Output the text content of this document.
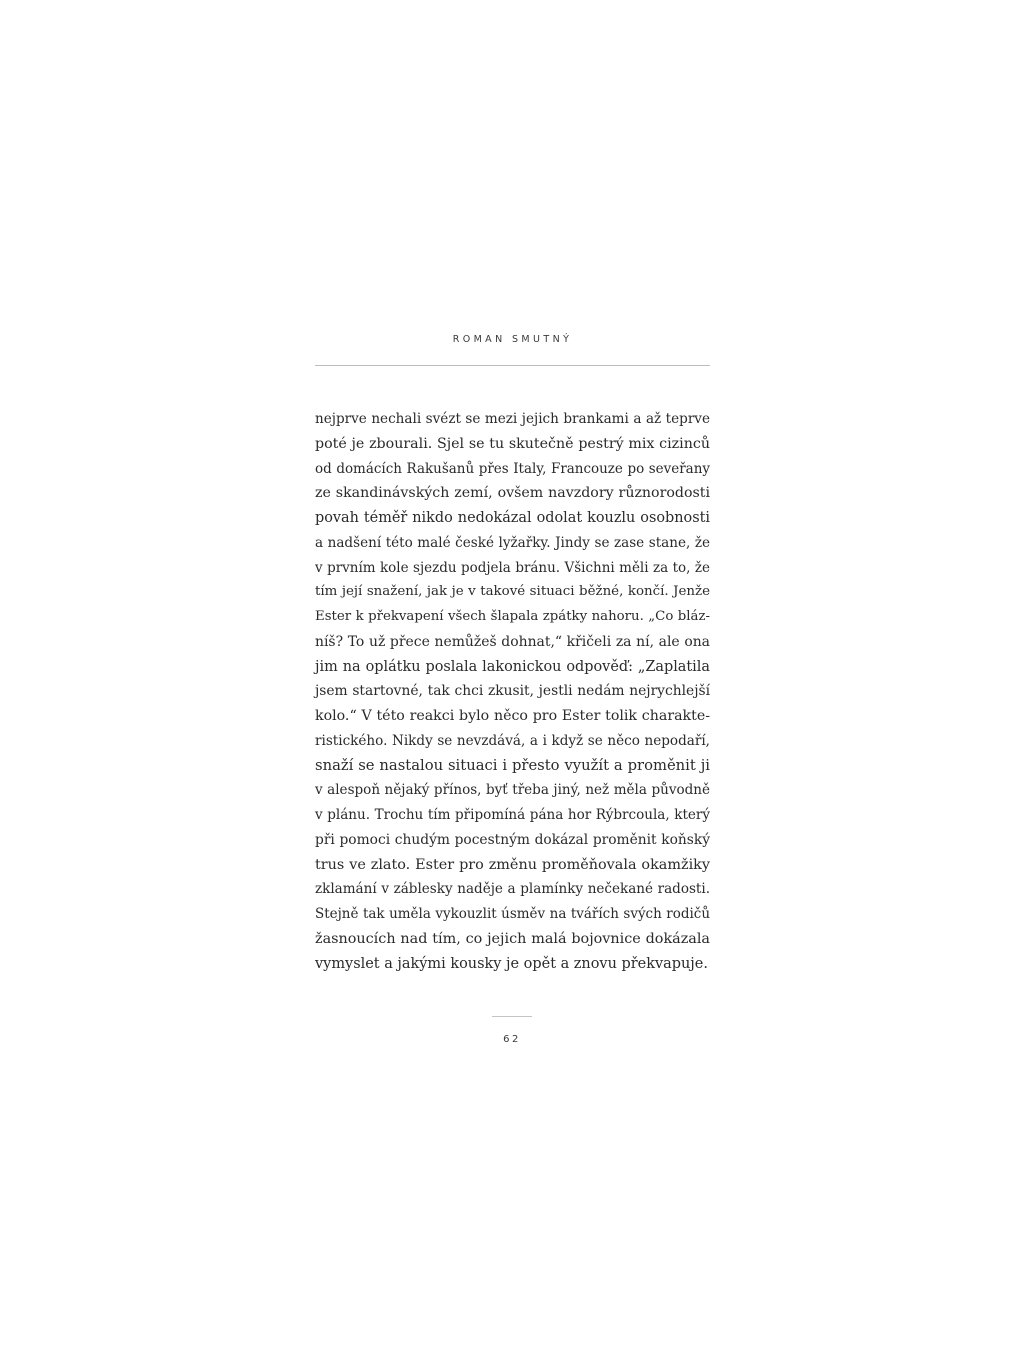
ROMAN SMUTNÝ
nejprve nechali svézt se mezi jejich brankami a až teprve
poté je zbourali. Sjel se tu skutečně pestrý mix cizinců
od domácích Rakušanů přes Italy, Francouze po seveřany
ze skandinávských zemí, ovšem navzdory různorodosti
povah téměř nikdo nedokázal odolat kouzlu osobnosti
a nadšení této malé české lyžařky. Jindy se zase stane, že
v prvním kole sjezdu podjela bránu. Všichni měli za to, že
tím její snažení, jak je v takové situaci běžné, končí. Jenže
Ester k překvapení všech šlapala zpátky nahoru. „Co bláz-
níš? To už přece nemůžeš dohnat,“ křičeli za ní, ale ona
jim na oplátku poslala lakonickou odpověď: „Zaplatila
jsem startovné, tak chci zkusit, jestli nedám nejrychlejší
kolo.“ V této reakci bylo něco pro Ester tolik charakte-
ristického. Nikdy se nevzdává, a i když se něco nepodaří,
snaží se nastalou situaci i přesto využít a proměnit ji
v alespoň nějaký přínos, byť třeba jiný, než měla původně
v plánu. Trochu tím připomíná pána hor Rýbrcoula, který
při pomoci chudým pocestným dokázal proměnit koňský
trus ve zlato. Ester pro změnu proměňovala okamžiky
zklamání v záblesky naděje a plamínky nečekané radosti.
Stejně tak uměla vykouzlit úsměv na tvářích svých rodičů
žasnoucích nad tím, co jejich malá bojovnice dokázala
vymyslet a jakými kousky je opět a znovu překvapuje.
62
